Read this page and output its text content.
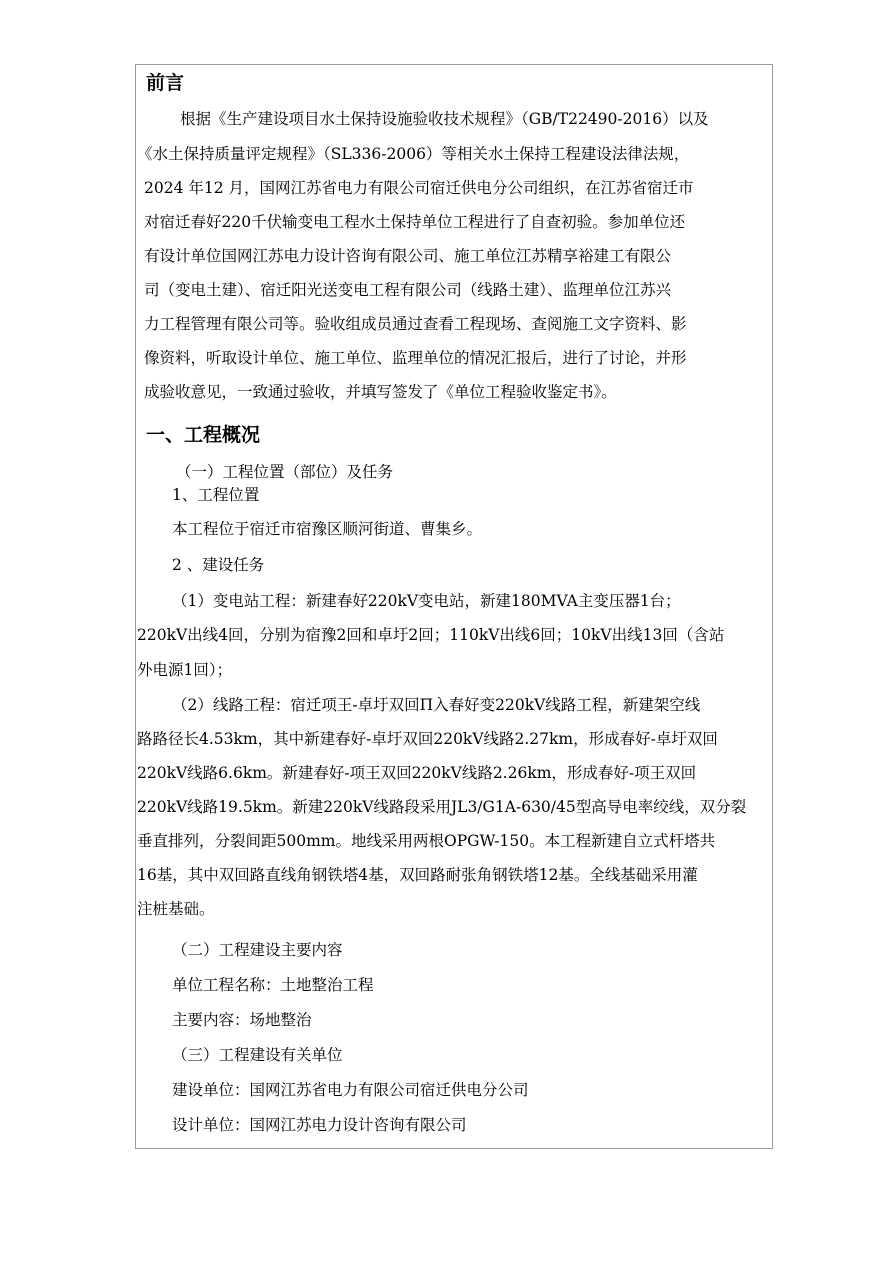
前言

根据《生产建设项目水土保持设施验收技术规程》（GB/T22490-2016）以及

《水土保持质量评定规程》（SL336-2006）等相关水土保持工程建设法律法规，

2024 年12 月，国网江苏省电力有限公司宿迁供电分公司组织，在江苏省宿迁市

对宿迁春好220千伏输变电工程水土保持单位工程进行了自查初验。参加单位还

有设计单位国网江苏电力设计咨询有限公司、施工单位江苏精享裕建工有限公

司（变电土建）、宿迁阳光送变电工程有限公司（线路土建）、监理单位江苏兴

力工程管理有限公司等。验收组成员通过查看工程现场、查阅施工文字资料、影

像资料，听取设计单位、施工单位、监理单位的情况汇报后，进行了讨论，并形

成验收意见，一致通过验收，并填写签发了《单位工程验收鉴定书》。

一、工程概况

（一）工程位置（部位）及任务

1、工程位置

本工程位于宿迁市宿豫区顺河街道、曹集乡。

2 、建设任务

（1）变电站工程：新建春好220kV变电站，新建180MVA主变压器1台；

220kV出线4回，分别为宿豫2回和卓圩2回；110kV出线6回；10kV出线13回（含站

外电源1回）；

（2）线路工程：宿迁项王-卓圩双回Π入春好变220kV线路工程，新建架空线

路路径长4.53km，其中新建春好-卓圩双回220kV线路2.27km，形成春好-卓圩双回

220kV线路6.6km。新建春好-项王双回220kV线路2.26km，形成春好-项王双回

220kV线路19.5km。新建220kV线路段采用JL3/G1A-630/45型高导电率绞线，双分裂

垂直排列，分裂间距500mm。地线采用两根OPGW-150。本工程新建自立式杆塔共

16基，其中双回路直线角钢铁塔4基，双回路耐张角钢铁塔12基。全线基础采用灌

注桩基础。

（二）工程建设主要内容

单位工程名称：土地整治工程

主要内容：场地整治

（三）工程建设有关单位

建设单位：国网江苏省电力有限公司宿迁供电分公司

设计单位：国网江苏电力设计咨询有限公司
